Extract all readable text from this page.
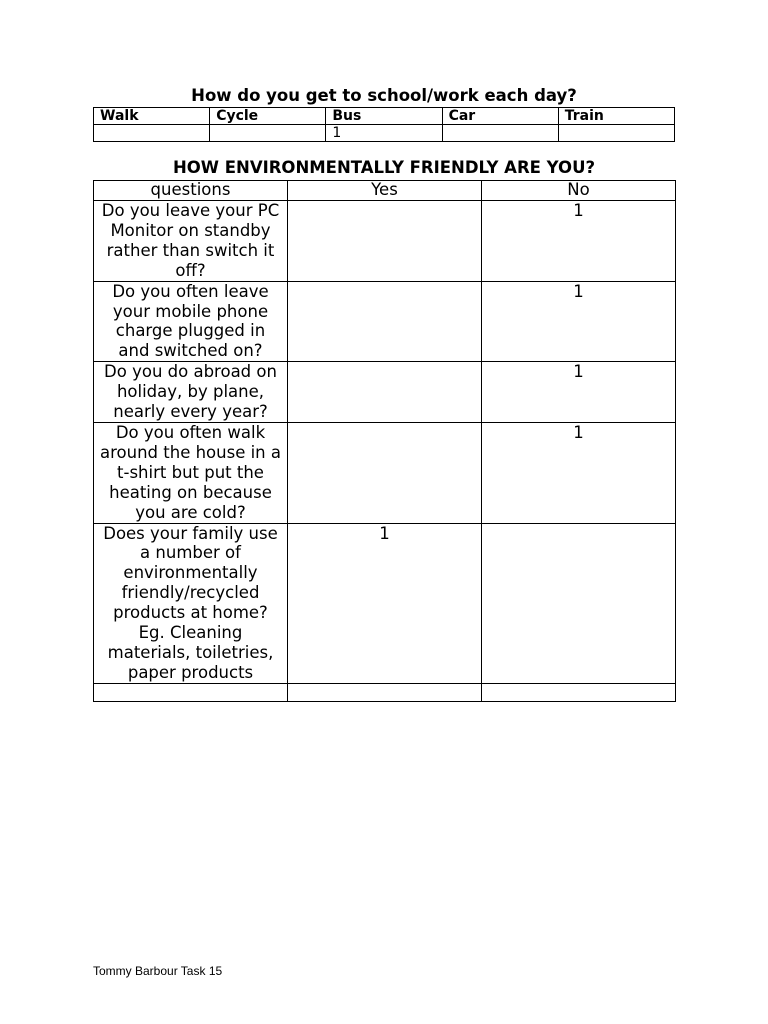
How do you get to school/work each day?
Walk	Cycle	Bus	Car	Train
		1		
HOW ENVIRONMENTALLY FRIENDLY ARE YOU?
questions	Yes	No
Do you leave your PC Monitor on standby rather than switch it off?		1
Do you often leave your mobile phone charge plugged in and switched on?		1
Do you do abroad on holiday, by plane, nearly every year?		1
Do you often walk around the house in a t-shirt but put the heating on because you are cold?		1
Does your family use a number of environmentally friendly/recycled products at home? Eg. Cleaning materials, toiletries, paper products	1	

Tommy Barbour Task 15
